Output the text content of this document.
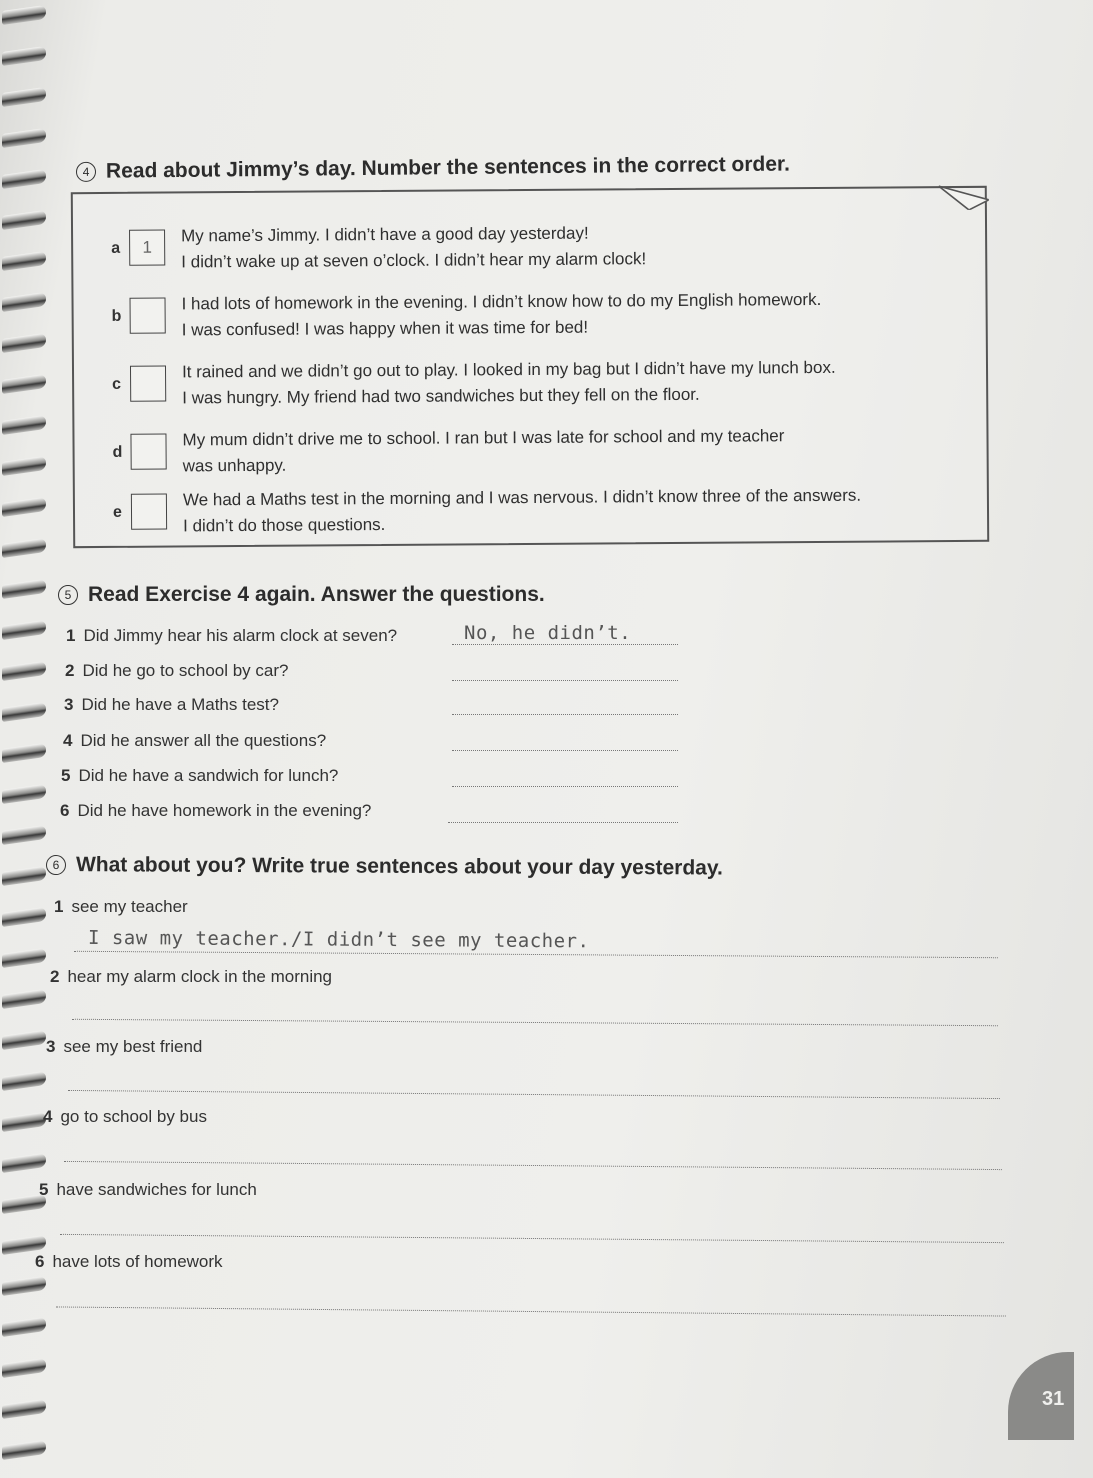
4 Read about Jimmy’s day. Number the sentences in the correct order.
a	1
My name’s Jimmy. I didn’t have a good day yesterday!
I didn’t wake up at seven o’clock. I didn’t hear my alarm clock!
b
I had lots of homework in the evening. I didn’t know how to do my English homework.
I was confused! I was happy when it was time for bed!
c
It rained and we didn’t go out to play. I looked in my bag but I didn’t have my lunch box.
I was hungry. My friend had two sandwiches but they fell on the floor.
d
My mum didn’t drive me to school. I ran but I was late for school and my teacher
was unhappy.
e
We had a Maths test in the morning and I was nervous. I didn’t know three of the answers.
I didn’t do those questions.
5 Read Exercise 4 again. Answer the questions.
1 Did Jimmy hear his alarm clock at seven?	No, he didn’t.
2 Did he go to school by car?
3 Did he have a Maths test?
4 Did he answer all the questions?
5 Did he have a sandwich for lunch?
6 Did he have homework in the evening?
6 What about you? Write true sentences about your day yesterday.
1 see my teacher
I saw my teacher./I didn’t see my teacher.
2 hear my alarm clock in the morning
3 see my best friend
4 go to school by bus
5 have sandwiches for lunch
6 have lots of homework
31
